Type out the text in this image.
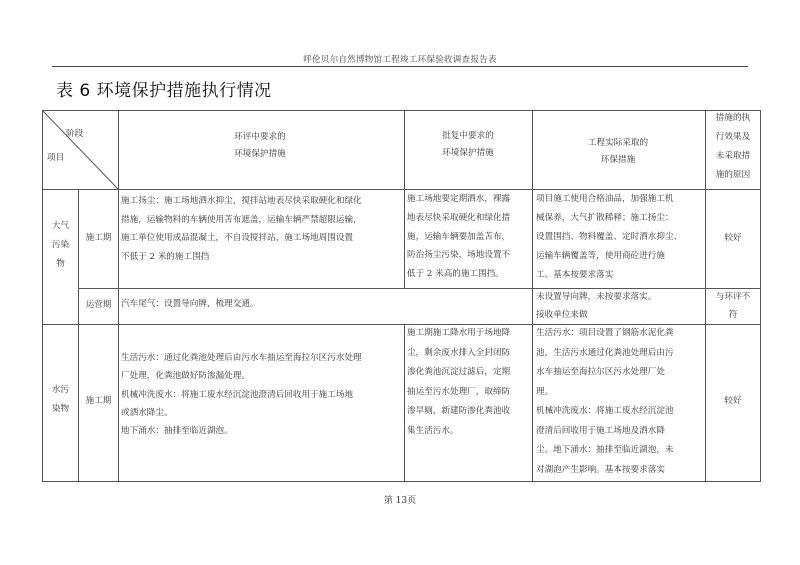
呼伦贝尔自然博物馆工程竣工环保验收调查报告表
表 6 环境保护措施执行情况
阶段
项目
环评中要求的
环境保护措施
批复中要求的
环境保护措施
工程实际采取的
环保措施
措施的执
行效果及
未采取措
施的原因
大气
污染
物
施工期
施工扬尘：施工场地洒水抑尘，搅拌站地表尽快采取硬化和绿化
措施，运输物料的车辆使用苫布遮盖，运输车辆严禁超限运输，
施工单位使用成品混凝土，不自设搅拌站，施工场地周围设置
不低于 2 米的施工围挡
施工场地要定期洒水，裸露
地表尽快采取硬化和绿化措
施，运输车辆要加盖苫布，
防治扬尘污染，场地设置不
低于 2 米高的施工围挡。
项目施工使用合格油品，加强施工机
械保养，大气扩散稀释；施工扬尘：
设置围挡、物料覆盖、定时洒水抑尘、
运输车辆覆盖等，使用商砼进行施
工。基本按要求落实
较好
运营期	汽车尾气：设置导向牌，梳理交通。
未设置导向牌，未按要求落实。
接收单位来做
与环评不
符
水污
染物
施工期
生活污水：通过化粪池处理后由污水车抽运至海拉尔区污水处理
厂处理，化粪池做好防渗漏处理。
机械冲洗废水：将施工废水经沉淀池澄清后回收用于施工场地
或洒水降尘。
地下涌水：抽排至临近湖泡。
施工期施工降水用于场地降
尘，剩余废水排入全封闭防
渗化粪池沉淀过滤后，定期
抽运至污水处理厂，取缔防
渗旱厕，新建防渗化粪池收
集生活污水。
生活污水：项目设置了钢筋水泥化粪
池，生活污水通过化粪池处理后由污
水车抽运至海拉尔区污水处理厂处
理。
机械冲洗废水：将施工废水经沉淀池
澄清后回收用于施工场地及洒水降
尘。地下涌水：抽排至临近湖泡，未
对湖泡产生影响。基本按要求落实
较好
第 13页
